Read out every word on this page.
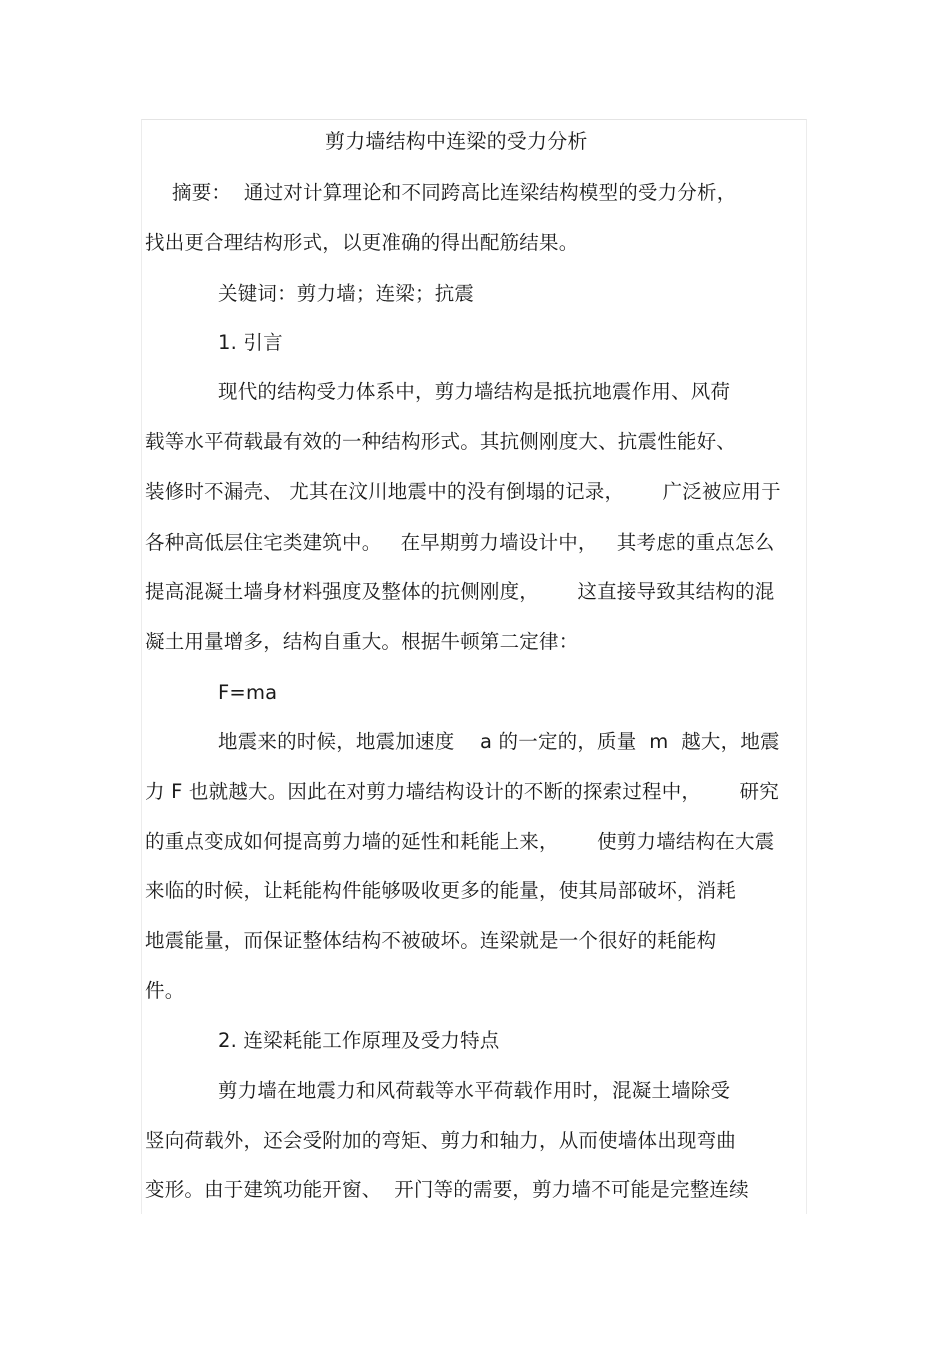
剪力墙结构中连梁的受力分析
摘要：  通过对计算理论和不同跨高比连梁结构模型的受力分析，
找出更合理结构形式，以更准确的得出配筋结果。
关键词：剪力墙；连梁；抗震
1. 引言
现代的结构受力体系中，剪力墙结构是抵抗地震作用、风荷
载等水平荷载最有效的一种结构形式。其抗侧刚度大、抗震性能好、
装修时不漏壳、 尤其在汶川地震中的没有倒塌的记录，      广泛被应用于
各种高低层住宅类建筑中。   在早期剪力墙设计中，   其考虑的重点怎么
提高混凝土墙身材料强度及整体的抗侧刚度，      这直接导致其结构的混
凝土用量增多，结构自重大。根据牛顿第二定律：
F=ma
地震来的时候，地震加速度    a 的一定的，质量  m  越大，地震
力 F 也就越大。因此在对剪力墙结构设计的不断的探索过程中，      研究
的重点变成如何提高剪力墙的延性和耗能上来，      使剪力墙结构在大震
来临的时候，让耗能构件能够吸收更多的能量，使其局部破坏，消耗
地震能量，而保证整体结构不被破坏。连梁就是一个很好的耗能构
件。
2. 连梁耗能工作原理及受力特点
剪力墙在地震力和风荷载等水平荷载作用时，混凝土墙除受
竖向荷载外，还会受附加的弯矩、剪力和轴力，从而使墙体出现弯曲
变形。由于建筑功能开窗、  开门等的需要，剪力墙不可能是完整连续
